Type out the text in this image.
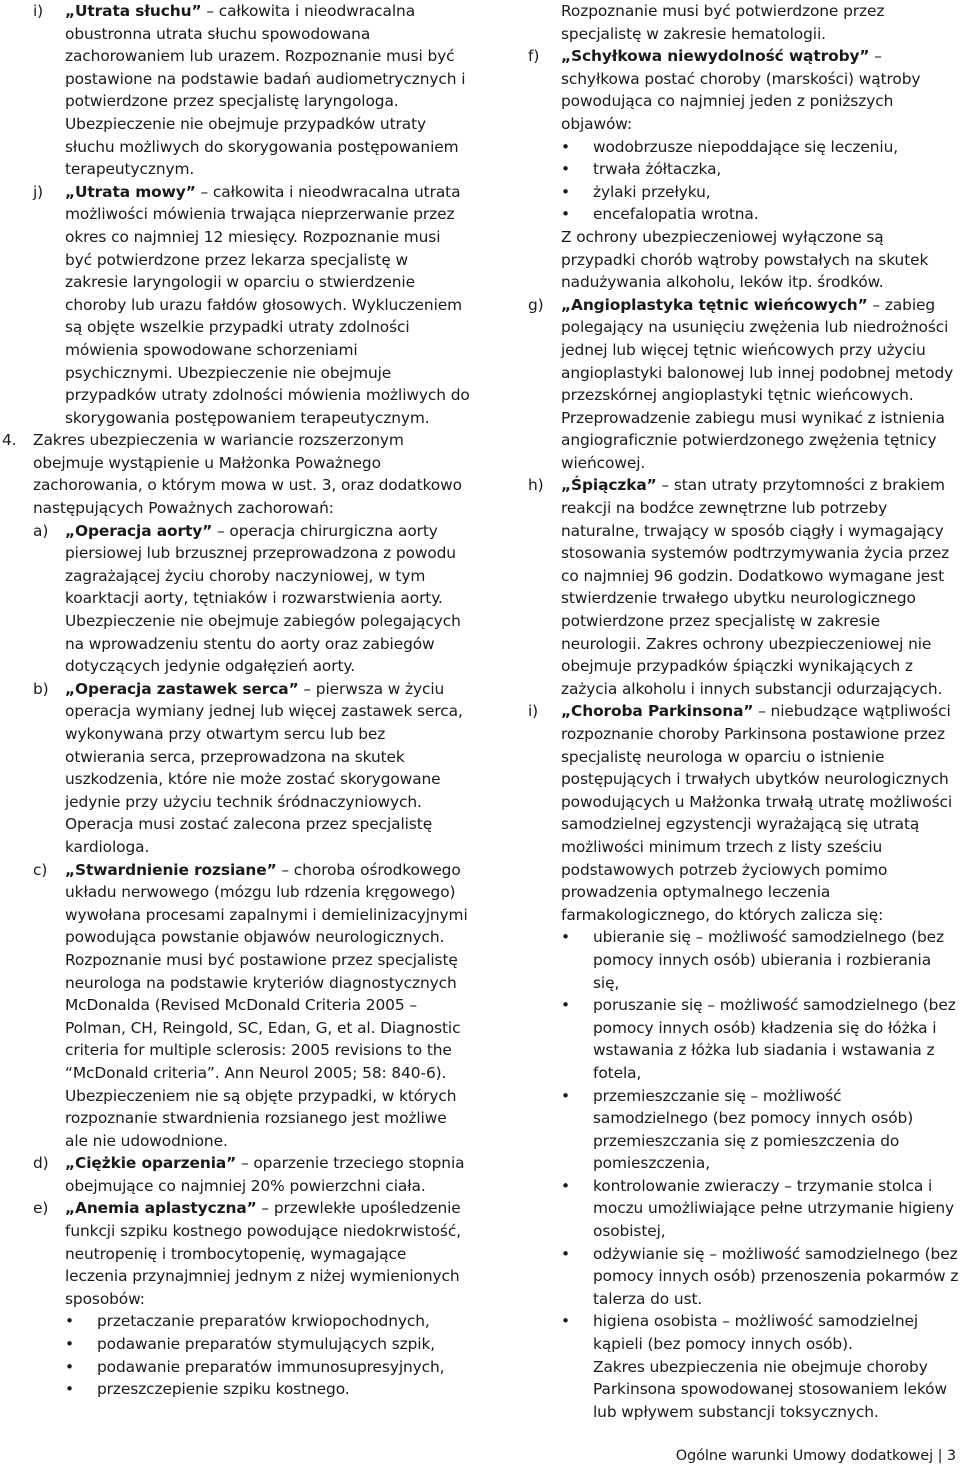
i) „Utrata słuchu” – całkowita i nieodwracalna obustronna utrata słuchu spowodowana zachorowaniem lub urazem. Rozpoznanie musi być postawione na podstawie badań audiometrycznych i potwierdzone przez specjalistę laryngologa. Ubezpieczenie nie obejmuje przypadków utraty słuchu możliwych do skorygowania postępowaniem terapeutycznym.
j) „Utrata mowy” – całkowita i nieodwracalna utrata możliwości mówienia trwająca nieprzerwanie przez okres co najmniej 12 miesięcy. Rozpoznanie musi być potwierdzone przez lekarza specjalistę w zakresie laryngologii w oparciu o stwierdzenie choroby lub urazu fałdów głosowych. Wykluczeniem są objęte wszelkie przypadki utraty zdolności mówienia spowodowane schorzeniami psychicznymi. Ubezpieczenie nie obejmuje przypadków utraty zdolności mówienia możliwych do skorygowania postępowaniem terapeutycznym.
4. Zakres ubezpieczenia w wariancie rozszerzonym obejmuje wystąpienie u Małżonka Poważnego zachorowania, o którym mowa w ust. 3, oraz dodatkowo następujących Poważnych zachorowań:
a) „Operacja aorty” – operacja chirurgiczna aorty piersiowej lub brzusznej przeprowadzona z powodu zagrażającej życiu choroby naczyniowej, w tym koarktacji aorty, tętniaków i rozwarstwienia aorty. Ubezpieczenie nie obejmuje zabiegów polegających na wprowadzeniu stentu do aorty oraz zabiegów dotyczących jedynie odgałęzień aorty.
b) „Operacja zastawek serca” – pierwsza w życiu operacja wymiany jednej lub więcej zastawek serca, wykonywana przy otwartym sercu lub bez otwierania serca, przeprowadzona na skutek uszkodzenia, które nie może zostać skorygowane jedynie przy użyciu technik śródnaczyniowych. Operacja musi zostać zalecona przez specjalistę kardiologa.
c) „Stwardnienie rozsiane” – choroba ośrodkowego układu nerwowego (mózgu lub rdzenia kręgowego) wywołana procesami zapalnymi i demielinizacyjnymi powodująca powstanie objawów neurologicznych. Rozpoznanie musi być postawione przez specjalistę neurologa na podstawie kryteriów diagnostycznych McDonalda (Revised McDonald Criteria 2005 – Polman, CH, Reingold, SC, Edan, G, et al. Diagnostic criteria for multiple sclerosis: 2005 revisions to the “McDonald criteria”. Ann Neurol 2005; 58: 840-6). Ubezpieczeniem nie są objęte przypadki, w których rozpoznanie stwardnienia rozsianego jest możliwe ale nie udowodnione.
d) „Ciężkie oparzenia” – oparzenie trzeciego stopnia obejmujące co najmniej 20% powierzchni ciała.
e) „Anemia aplastyczna” – przewlekłe upośledzenie funkcji szpiku kostnego powodujące niedokrwistość, neutropenię i trombocytopenię, wymagające leczenia przynajmniej jednym z niżej wymienionych sposobów:
• przetaczanie preparatów krwiopochodnych,
• podawanie preparatów stymulujących szpik,
• podawanie preparatów immunosupresyjnych,
• przeszczepienie szpiku kostnego.
Rozpoznanie musi być potwierdzone przez specjalistę w zakresie hematologii.
f) „Schyłkowa niewydolność wątroby” – schyłkowa postać choroby (marskości) wątroby powodująca co najmniej jeden z poniższych objawów:
• wodobrzusze niepoddające się leczeniu,
• trwała żółtaczka,
• żylaki przełyku,
• encefalopatia wrotna.
Z ochrony ubezpieczeniowej wyłączone są przypadki chorób wątroby powstałych na skutek nadużywania alkoholu, leków itp. środków.
g) „Angioplastyka tętnic wieńcowych” – zabieg polegający na usunięciu zwężenia lub niedrożności jednej lub więcej tętnic wieńcowych przy użyciu angioplastyki balonowej lub innej podobnej metody przezskórnej angioplastyki tętnic wieńcowych. Przeprowadzenie zabiegu musi wynikać z istnienia angiograficznie potwierdzonego zwężenia tętnicy wieńcowej.
h) „Śpiączka” – stan utraty przytomności z brakiem reakcji na bodźce zewnętrzne lub potrzeby naturalne, trwający w sposób ciągły i wymagający stosowania systemów podtrzymywania życia przez co najmniej 96 godzin. Dodatkowo wymagane jest stwierdzenie trwałego ubytku neurologicznego potwierdzone przez specjalistę w zakresie neurologii. Zakres ochrony ubezpieczeniowej nie obejmuje przypadków śpiączki wynikających z zażycia alkoholu i innych substancji odurzających.
i) „Choroba Parkinsona” – niebudzące wątpliwości rozpoznanie choroby Parkinsona postawione przez specjalistę neurologa w oparciu o istnienie postępujących i trwałych ubytków neurologicznych powodujących u Małżonka trwałą utratę możliwości samodzielnej egzystencji wyrażającą się utratą możliwości minimum trzech z listy sześciu podstawowych potrzeb życiowych pomimo prowadzenia optymalnego leczenia farmakologicznego, do których zalicza się:
• ubieranie się – możliwość samodzielnego (bez pomocy innych osób) ubierania i rozbierania się,
• poruszanie się – możliwość samodzielnego (bez pomocy innych osób) kładzenia się do łóżka i wstawania z łóżka lub siadania i wstawania z fotela,
• przemieszczanie się – możliwość samodzielnego (bez pomocy innych osób) przemieszczania się z pomieszczenia do pomieszczenia,
• kontrolowanie zwieraczy – trzymanie stolca i moczu umożliwiające pełne utrzymanie higieny osobistej,
• odżywianie się – możliwość samodzielnego (bez pomocy innych osób) przenoszenia pokarmów z talerza do ust.
• higiena osobista – możliwość samodzielnej kąpieli (bez pomocy innych osób).
Zakres ubezpieczenia nie obejmuje choroby Parkinsona spowodowanej stosowaniem leków lub wpływem substancji toksycznych.
Ogólne warunki Umowy dodatkowej | 3
